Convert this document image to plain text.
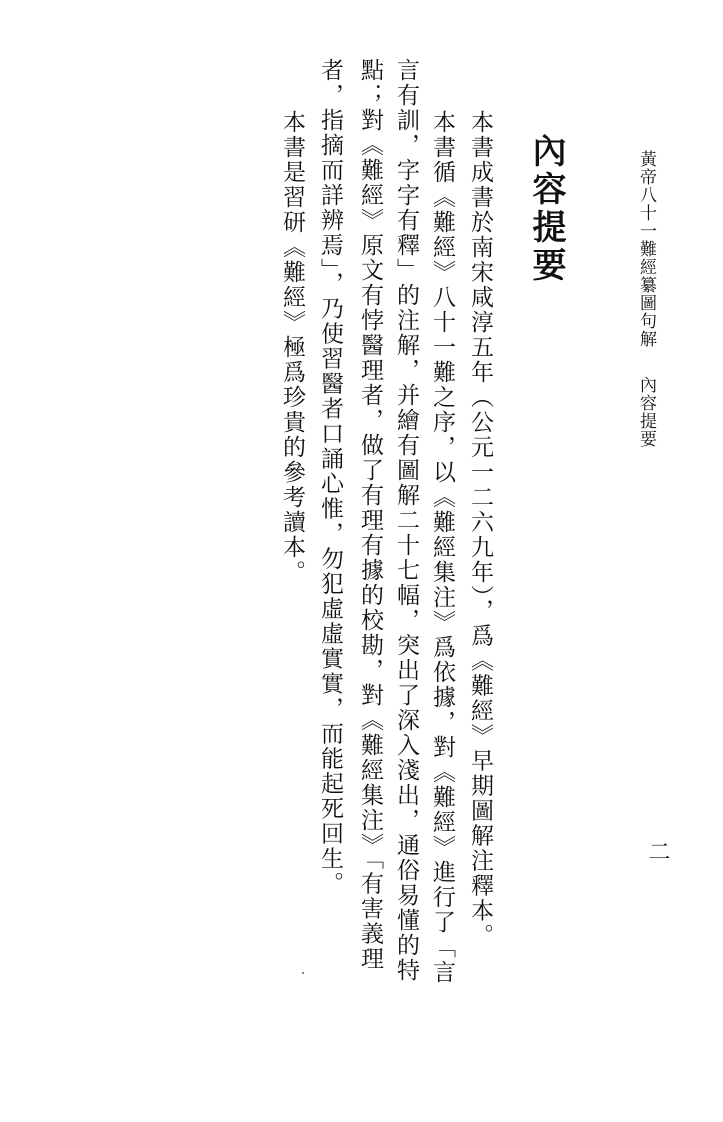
黃帝八十一難經纂圖句解內容提要
二
內容提要
本書成書於南宋咸淳五年（公元一二六九年），爲《難經》早期圖解注釋本。
本書循《難經》八十一難之序，以《難經集注》爲依據，對《難經》進行了「言
言有訓，字字有釋」的注解，并繪有圖解二十七幅，突出了深入淺出，通俗易懂的特
點；對《難經》原文有悖醫理者，做了有理有據的校勘，對《難經集注》「有害義理
者，指摘而詳辨焉」，乃使習醫者口誦心惟，勿犯虛虛實實，而能起死回生。
本書是習研《難經》極爲珍貴的參考讀本。
